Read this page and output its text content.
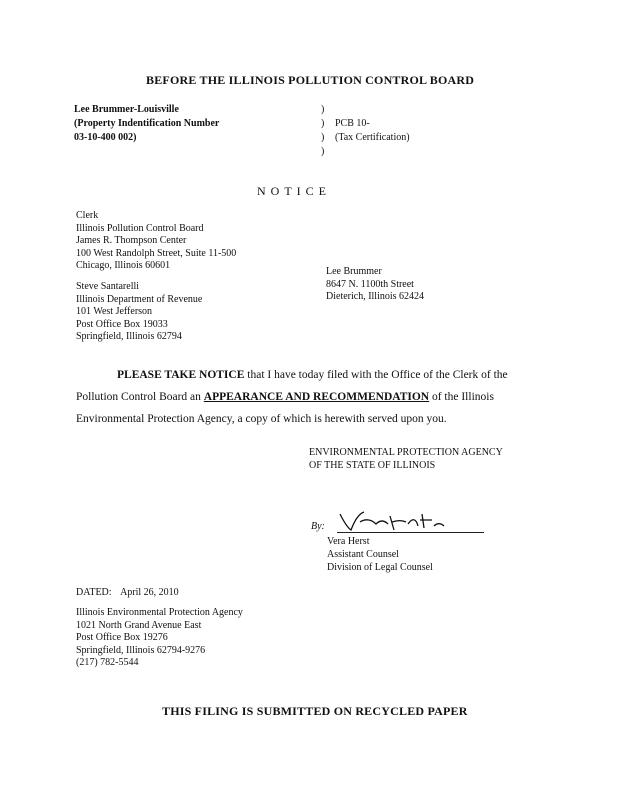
BEFORE THE ILLINOIS POLLUTION CONTROL BOARD
Lee Brummer-Louisville
(Property Indentification Number
03-10-400 002)
)
)
)
)
PCB 10-
(Tax Certification)
NOTICE
Clerk
Illinois Pollution Control Board
James R. Thompson Center
100 West Randolph Street, Suite 11-500
Chicago, Illinois 60601
Steve Santarelli
Illinois Department of Revenue
101 West Jefferson
Post Office Box 19033
Springfield, Illinois 62794
Lee Brummer
8647 N. 1100th Street
Dieterich, Illinois 62424
PLEASE TAKE NOTICE that I have today filed with the Office of the Clerk of the
Pollution Control Board an APPEARANCE AND RECOMMENDATION of the Illinois
Environmental Protection Agency, a copy of which is herewith served upon you.
ENVIRONMENTAL PROTECTION AGENCY
OF THE STATE OF ILLINOIS
By:
Vera Herst
Assistant Counsel
Division of Legal Counsel
DATED: April 26, 2010
Illinois Environmental Protection Agency
1021 North Grand Avenue East
Post Office Box 19276
Springfield, Illinois 62794-9276
(217) 782-5544
THIS FILING IS SUBMITTED ON RECYCLED PAPER
